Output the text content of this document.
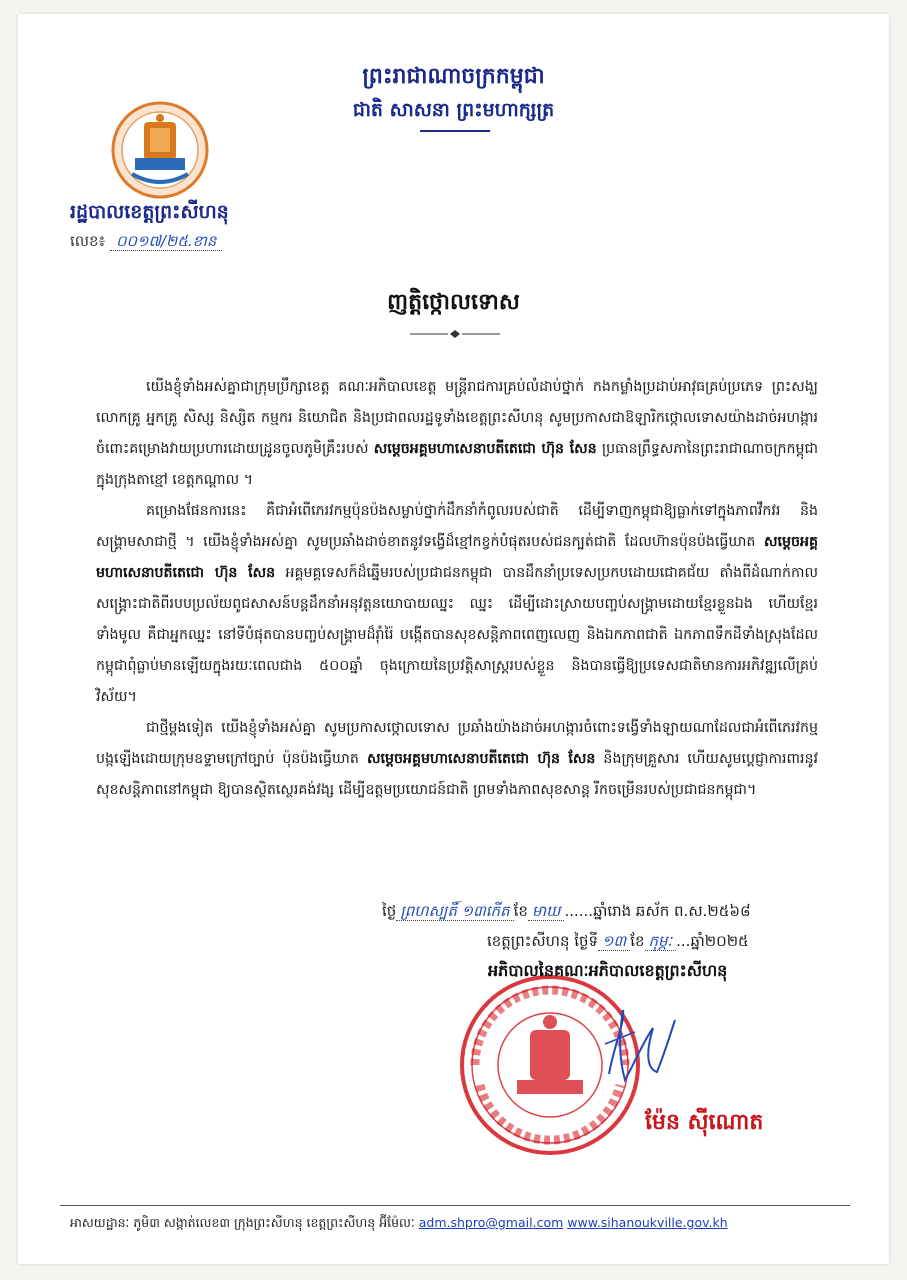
ព្រះរាជាណាចក្រកម្ពុជា
ជាតិ សាសនា ព្រះមហាក្សត្រ
រដ្ឋបាលខេត្តព្រះសីហនុ
លេខ៖ ០០១៧/២៥.ខាន
ញត្តិថ្កោលទោស

យើងខ្ញុំទាំងអស់គ្នាជាក្រុមប្រឹក្សាខេត្ត គណៈអភិបាលខេត្ត មន្ត្រីរាជការគ្រប់លំដាប់ថ្នាក់ កងកម្លាំងប្រដាប់អាវុធគ្រប់ប្រភេទ ព្រះសង្ឃ លោកគ្រូ អ្នកគ្រូ សិស្ស និស្សិត កម្មករ និយោជិត និងប្រជាពលរដ្ឋទូទាំងខេត្តព្រះសីហនុ សូមប្រកាសជាឱឡារិកថ្កោលទោសយ៉ាងដាច់អហង្ការ ចំពោះគម្រោងវាយប្រហារដោយដ្រូនចូលភូមិគ្រឹះរបស់ សម្តេចអគ្គមហាសេនាបតីតេជោ ហ៊ុន សែន ប្រធានព្រឹទ្ធសភានៃព្រះរាជាណាចក្រកម្ពុជា ក្នុងក្រុងតាខ្មៅ ខេត្តកណ្តាល ។

គម្រោងផែនការនេះ គឺជាអំពើភេរវកម្មប៉ុនប៉ងសម្លាប់ថ្នាក់ដឹកនាំកំពូលរបស់ជាតិ ដើម្បីទាញកម្ពុជាឱ្យធ្លាក់ទៅក្នុងភាពវឹកវរ និងសង្គ្រាមសាជាថ្មី ។ យើងខ្ញុំទាំងអស់គ្នា សូមប្រឆាំងដាច់ខាតនូវទង្វើដ៏ខ្មៅកខ្វក់បំផុតរបស់ជនក្បត់ជាតិ ដែលហ៊ានប៉ុនប៉ងធ្វើឃាត សម្តេចអគ្គមហាសេនាបតីតេជោ ហ៊ុន សែន អគ្គមគ្គទេសក៍ដ៏ឆ្នើមរបស់ប្រជាជនកម្ពុជា បានដឹកនាំប្រទេសប្រកបដោយជោគជ័យ តាំងពីដំណាក់កាលសង្គ្រោះជាតិពីរបបប្រល័យពូជសាសន៍បន្តដឹកនាំអនុវត្តនយោបាយឈ្នះ ឈ្នះ ដើម្បីដោះស្រាយបញ្ចប់សង្គ្រាមដោយខ្មែរខ្លួនឯង ហើយខ្មែរទាំងមូល គឺជាអ្នកឈ្នះ នៅទីបំផុតបានបញ្ចប់សង្គ្រាមដ៏រ៉ាំរ៉ៃ បង្កើតបានសុខសន្តិភាពពេញលេញ និងឯកភាពជាតិ ឯកភាពទឹកដីទាំងស្រុងដែលកម្ពុជាពុំធ្លាប់មានឡើយក្នុងរយៈពេលជាង ៥០០ឆ្នាំ ចុងក្រោយនៃប្រវត្តិសាស្ត្ររបស់ខ្លួន និងបានធ្វើឱ្យប្រទេសជាតិមានការអភិវឌ្ឍលើគ្រប់វិស័យ។

ជាថ្មីម្តងទៀត យើងខ្ញុំទាំងអស់គ្នា សូមប្រកាសថ្កោលទោស ប្រឆាំងយ៉ាងដាច់អហង្ការចំពោះទង្វើទាំងឡាយណាដែលជាអំពើភេរវកម្ម បង្កឡើងដោយក្រុមឧទ្ទាមក្រៅច្បាប់ ប៉ុនប៉ងធ្វើឃាត សម្តេចអគ្គមហាសេនាបតីតេជោ ហ៊ុន សែន និងក្រុមគ្រួសារ ហើយសូមប្តេជ្ញាការពារនូវសុខសន្តិភាពនៅកម្ពុជា ឱ្យបានស្ថិតស្ថេរគង់វង្ស ដើម្បីឧត្តមប្រយោជន៍ជាតិ ព្រមទាំងភាពសុខសាន្ត រីកចម្រើនរបស់ប្រជាជនកម្ពុជា។

ថ្ងៃ ព្រហស្បតិ៍ ១៣កើត ខែ មាឃ ......ឆ្នាំរោង ឆស័ក ព.ស.២៥៦៨
ខេត្តព្រះសីហនុ ថ្ងៃទី ១៣ ខែ កុម្ភៈ ...ឆ្នាំ២០២៥
អភិបាលនៃគណៈអភិបាលខេត្តព្រះសីហនុ
ម៉ែន សុីណោត
អាសយដ្ឋានៈ ភូមិ៣ សង្កាត់លេខ៣ ក្រុងព្រះសីហនុ ខេត្តព្រះសីហនុ អ៊ីម៉ែលៈ adm.shpro@gmail.com www.sihanoukville.gov.kh
